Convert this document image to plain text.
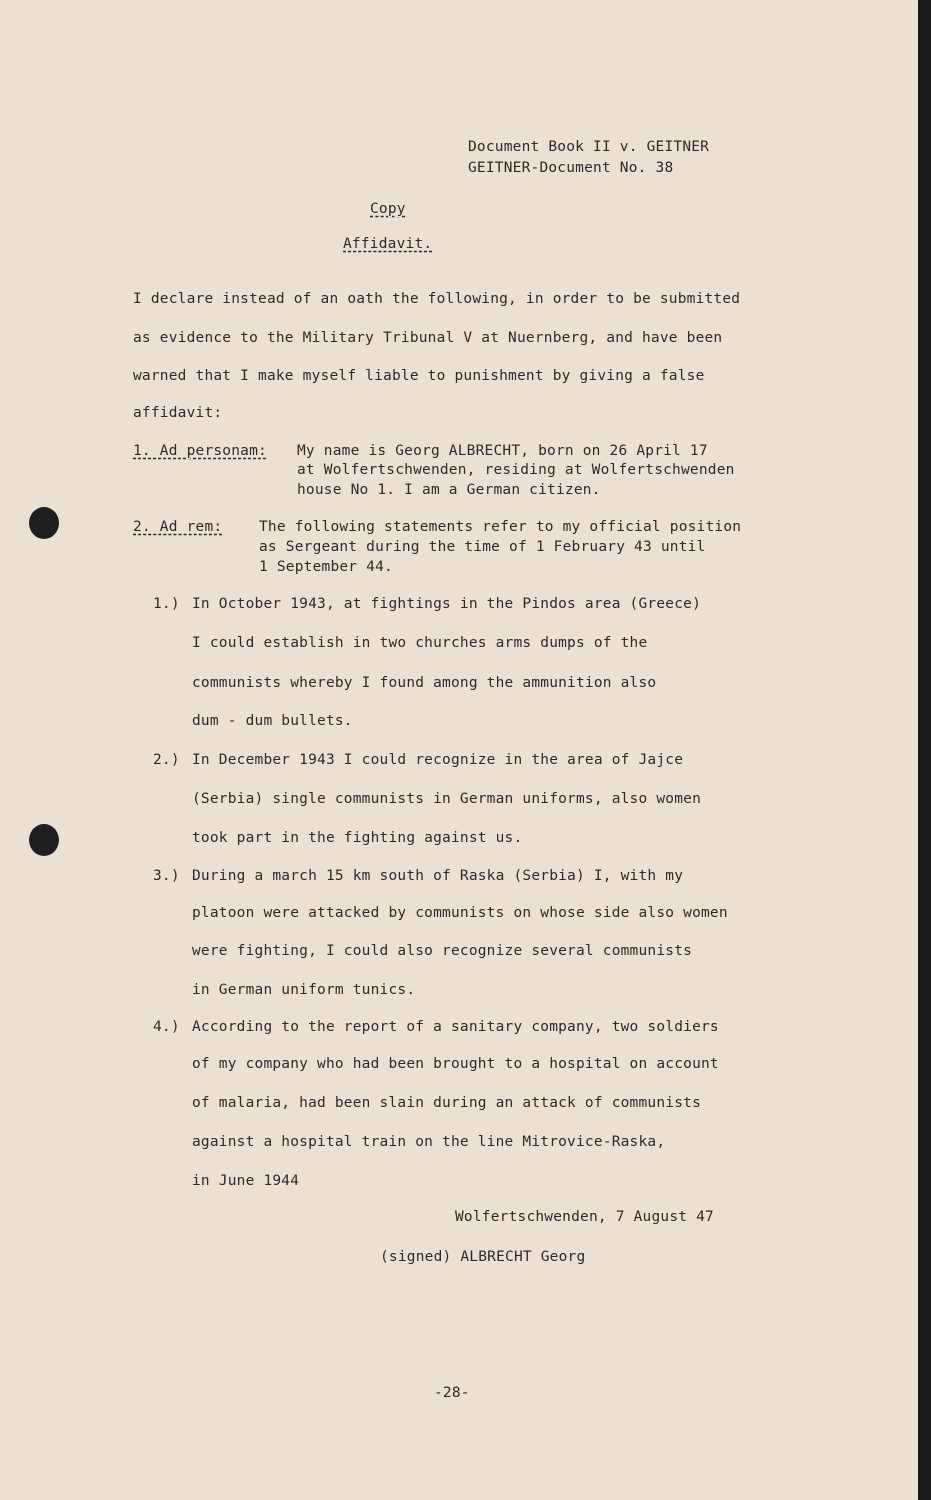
Document Book II v. GEITNER
GEITNER-Document No. 38
Copy
Affidavit.
I declare instead of an oath the following, in order to be submitted
as evidence to the Military Tribunal V at Nuernberg, and have been
warned that I make myself liable to punishment by giving a false
affidavit:
1. Ad personam: My name is Georg ALBRECHT, born on 26 April 17
at Wolfertschwenden, residing at Wolfertschwenden
house No 1. I am a German citizen.
2. Ad rem:	The following statements refer to my official position
as Sergeant during the time of 1 February 43 until
1 September 44.
1.) In October 1943, at fightings in the Pindos area (Greece)
I could establish in two churches arms dumps of the
communists whereby I found among the ammunition also
dum - dum bullets.
2.) In December 1943 I could recognize in the area of Jajce
(Serbia) single communists in German uniforms, also women
took part in the fighting against us.
3.) During a march 15 km south of Raska (Serbia) I, with my
platoon were attacked by communists on whose side also women
were fighting, I could also recognize several communists
in German uniform tunics.
4.) According to the report of a sanitary company, two soldiers
of my company who had been brought to a hospital on account
of malaria, had been slain during an attack of communists
against a hospital train on the line Mitrovice-Raska,
in June 1944
Wolfertschwenden, 7 August 47
(signed) ALBRECHT Georg
-28-
